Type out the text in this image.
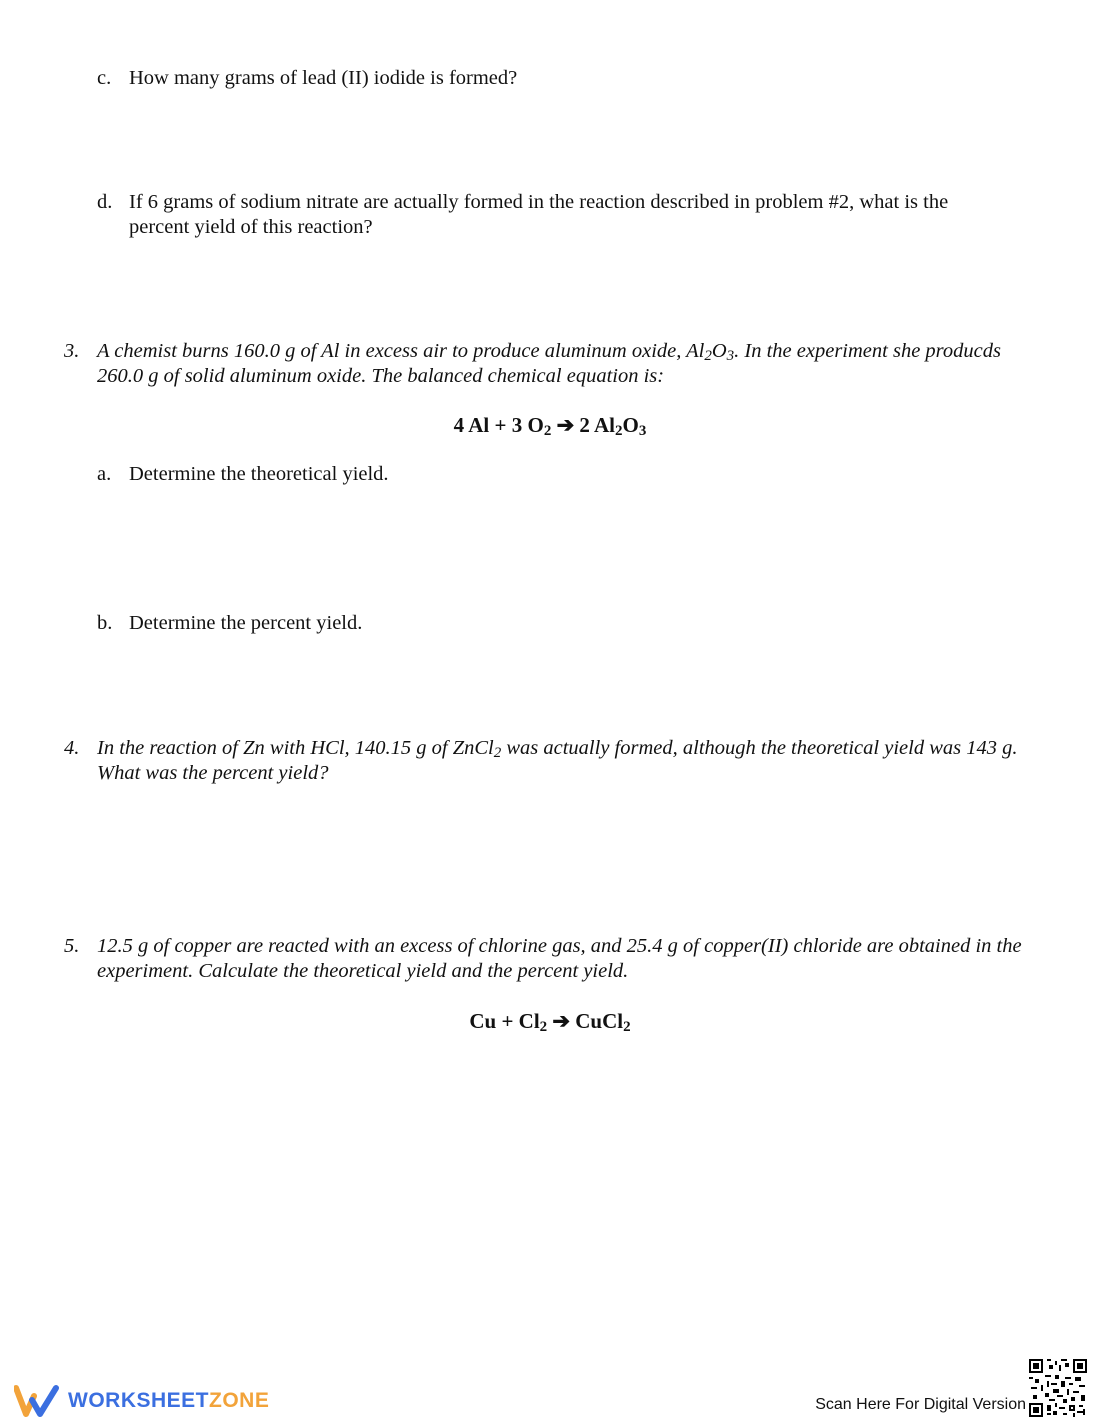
c. How many grams of lead (II) iodide is formed?
d. If 6 grams of sodium nitrate are actually formed in the reaction described in problem #2, what is the percent yield of this reaction?
3. A chemist burns 160.0 g of Al in excess air to produce aluminum oxide, $Al_2O_3$. In the experiment she producds 260.0 g of solid aluminum oxide. The balanced chemical equation is:
4 Al + 3 $O_2$ ➔ 2 $Al_2O_3$
a. Determine the theoretical yield.
b. Determine the percent yield.
4. In the reaction of Zn with HCl, 140.15 g of ZnCl$_2$ was actually formed, although the theoretical yield was 143 g. What was the percent yield?
5. 12.5 g of copper are reacted with an excess of chlorine gas, and 25.4 g of copper(II) chloride are obtained in the experiment. Calculate the theoretical yield and the percent yield.
$Cu + Cl_2$ ➔ CuCl$_2$
WORKSHEETZONE	Scan Here For Digital Version
